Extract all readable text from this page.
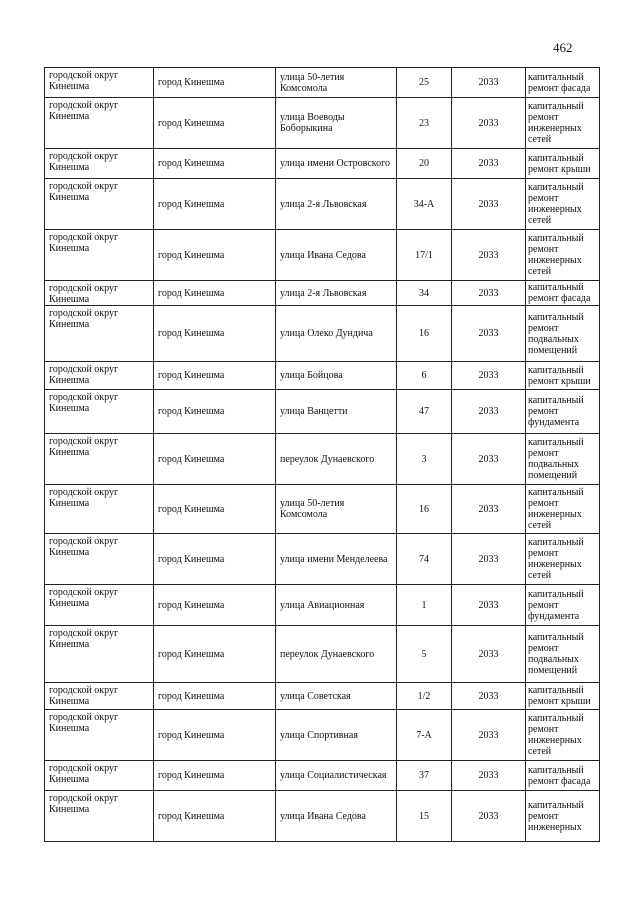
462
городской округ Кинешма	город Кинешма	улица 50-летия Комсомола	25	2033	капитальный ремонт фасада
городской округ Кинешма	город Кинешма	улица Воеводы Боборыкина	23	2033	капитальный ремонт инженерных сетей
городской округ Кинешма	город Кинешма	улица имени Островского	20	2033	капитальный ремонт крыши
городской округ Кинешма	город Кинешма	улица 2-я Львовская	34-А	2033	капитальный ремонт инженерных сетей
городской округ Кинешма	город Кинешма	улица Ивана Седова	17/1	2033	капитальный ремонт инженерных сетей
городской округ Кинешма	город Кинешма	улица 2-я Львовская	34	2033	капитальный ремонт фасада
городской округ Кинешма	город Кинешма	улица Олеко Дундича	16	2033	капитальный ремонт подвальных помещений
городской округ Кинешма	город Кинешма	улица Бойцова	6	2033	капитальный ремонт крыши
городской округ Кинешма	город Кинешма	улица Ванцетти	47	2033	капитальный ремонт фундамента
городской округ Кинешма	город Кинешма	переулок Дунаевского	3	2033	капитальный ремонт подвальных помещений
городской округ Кинешма	город Кинешма	улица 50-летия Комсомола	16	2033	капитальный ремонт инженерных сетей
городской округ Кинешма	город Кинешма	улица имени Менделеева	74	2033	капитальный ремонт инженерных сетей
городской округ Кинешма	город Кинешма	улица Авиационная	1	2033	капитальный ремонт фундамента
городской округ Кинешма	город Кинешма	переулок Дунаевского	5	2033	капитальный ремонт подвальных помещений
городской округ Кинешма	город Кинешма	улица Советская	1/2	2033	капитальный ремонт крыши
городской округ Кинешма	город Кинешма	улица Спортивная	7-А	2033	капитальный ремонт инженерных сетей
городской округ Кинешма	город Кинешма	улица Социалистическая	37	2033	капитальный ремонт фасада
городской округ Кинешма	город Кинешма	улица Ивана Седова	15	2033	капитальный ремонт инженерных
